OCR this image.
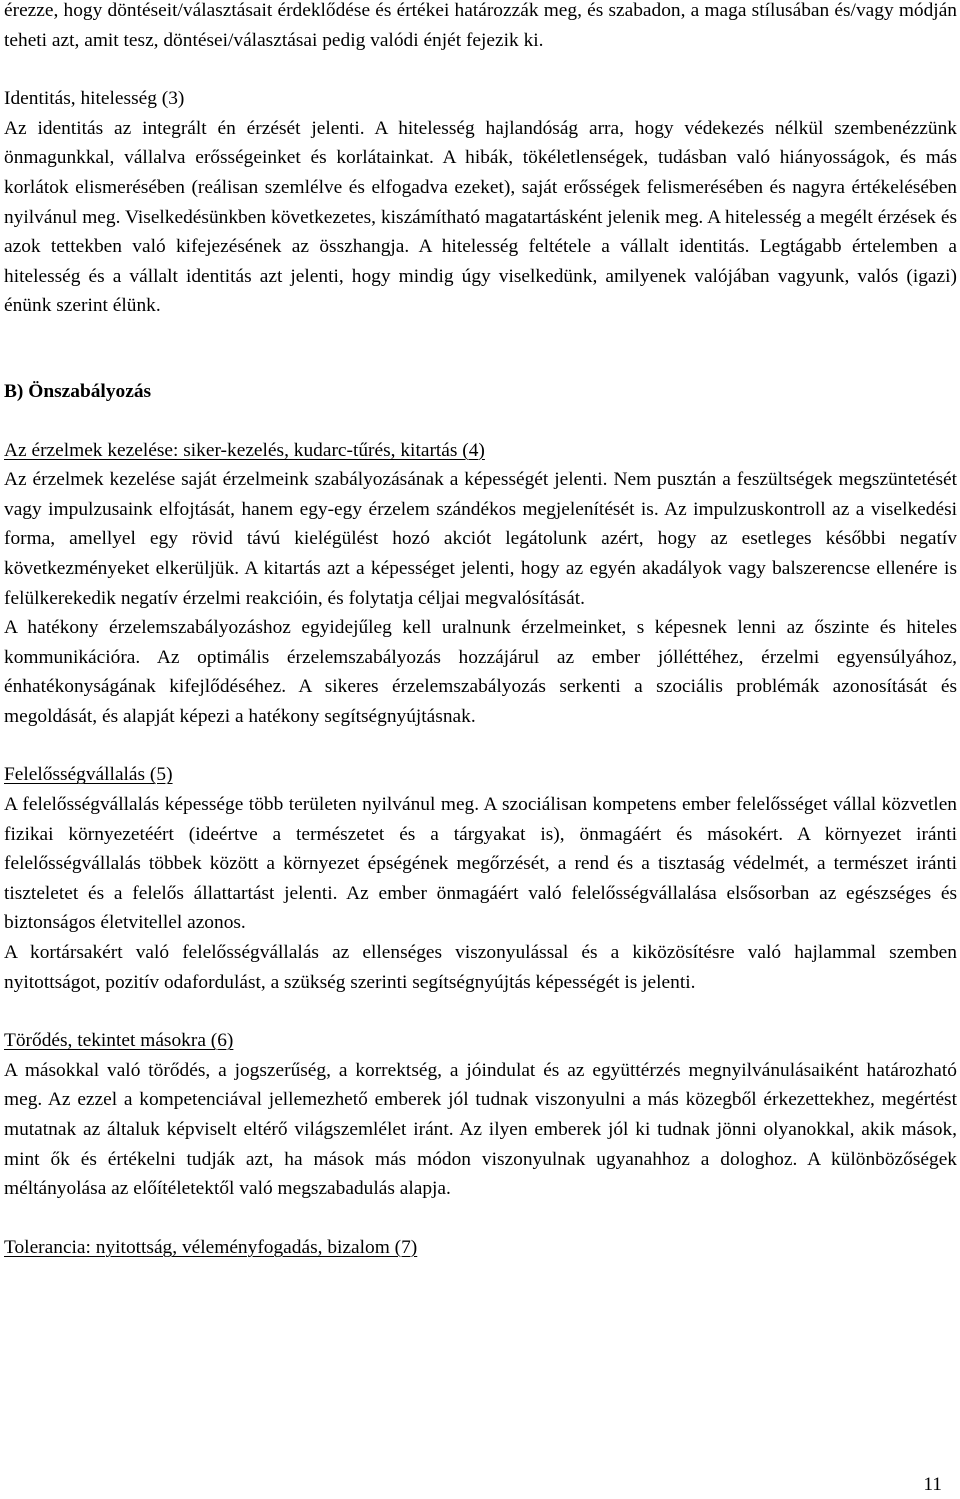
érezze, hogy döntéseit/választásait érdeklődése és értékei határozzák meg, és szabadon, a maga stílusában és/vagy módján teheti azt, amit tesz, döntései/választásai pedig valódi énjét fejezik ki.

Identitás, hitelesség (3)

Az identitás az integrált én érzését jelenti. A hitelesség hajlandóság arra, hogy védekezés nélkül szembenézzünk önmagunkkal, vállalva erősségeinket és korlátainkat. A hibák, tökéletlenségek, tudásban való hiányosságok, és más korlátok elismerésében (reálisan szemlélve és elfogadva ezeket), saját erősségek felismerésében és nagyra értékelésében nyilvánul meg. Viselkedésünkben következetes, kiszámítható magatartásként jelenik meg. A hitelesség a megélt érzések és azok tettekben való kifejezésének az összhangja. A hitelesség feltétele a vállalt identitás. Legtágabb értelemben a hitelesség és a vállalt identitás azt jelenti, hogy mindig úgy viselkedünk, amilyenek valójában vagyunk, valós (igazi) énünk szerint élünk.

B) Önszabályozás
Az érzelmek kezelése: siker-kezelés, kudarc-tűrés, kitartás (4)

Az érzelmek kezelése saját érzelmeink szabályozásának a képességét jelenti. Nem pusztán a feszültségek megszüntetését vagy impulzusaink elfojtását, hanem egy-egy érzelem szándékos megjelenítését is. Az impulzuskontroll az a viselkedési forma, amellyel egy rövid távú kielégülést hozó akciót legátolunk azért, hogy az esetleges későbbi negatív következményeket elkerüljük. A kitartás azt a képességet jelenti, hogy az egyén akadályok vagy balszerencse ellenére is felülkerekedik negatív érzelmi reakcióin, és folytatja céljai megvalósítását.

A hatékony érzelemszabályozáshoz egyidejűleg kell uralnunk érzelmeinket, s képesnek lenni az őszinte és hiteles kommunikációra. Az optimális érzelemszabályozás hozzájárul az ember jólléttéhez, érzelmi egyensúlyához, énhatékonyságának kifejlődéséhez. A sikeres érzelemszabályozás serkenti a szociális problémák azonosítását és megoldását, és alapját képezi a hatékony segítségnyújtásnak.

Felelősségvállalás (5)

A felelősségvállalás képessége több területen nyilvánul meg. A szociálisan kompetens ember felelősséget vállal közvetlen fizikai környezetéért (ideértve a természetet és a tárgyakat is), önmagáért és másokért. A környezet iránti felelősségvállalás többek között a környezet épségének megőrzését, a rend és a tisztaság védelmét, a természet iránti tiszteletet és a felelős állattartást jelenti. Az ember önmagáért való felelősségvállalása elsősorban az egészséges és biztonságos életvitellel azonos.

A kortársakért való felelősségvállalás az ellenséges viszonyulással és a kiközösítésre való hajlammal szemben nyitottságot, pozitív odafordulást, a szükség szerinti segítségnyújtás képességét is jelenti.

Törődés, tekintet másokra (6)

A másokkal való törődés, a jogszerűség, a korrektség, a jóindulat és az együttérzés megnyilvánulásaiként határozható meg. Az ezzel a kompetenciával jellemezhető emberek jól tudnak viszonyulni a más közegből érkezettekhez, megértést mutatnak az általuk képviselt eltérő világszemlélet iránt. Az ilyen emberek jól ki tudnak jönni olyanokkal, akik mások, mint ők és értékelni tudják azt, ha mások más módon viszonyulnak ugyanahhoz a dologhoz. A különbözőségek méltányolása az előítéletektől való megszabadulás alapja.

Tolerancia: nyitottság, véleményfogadás, bizalom (7)
11
